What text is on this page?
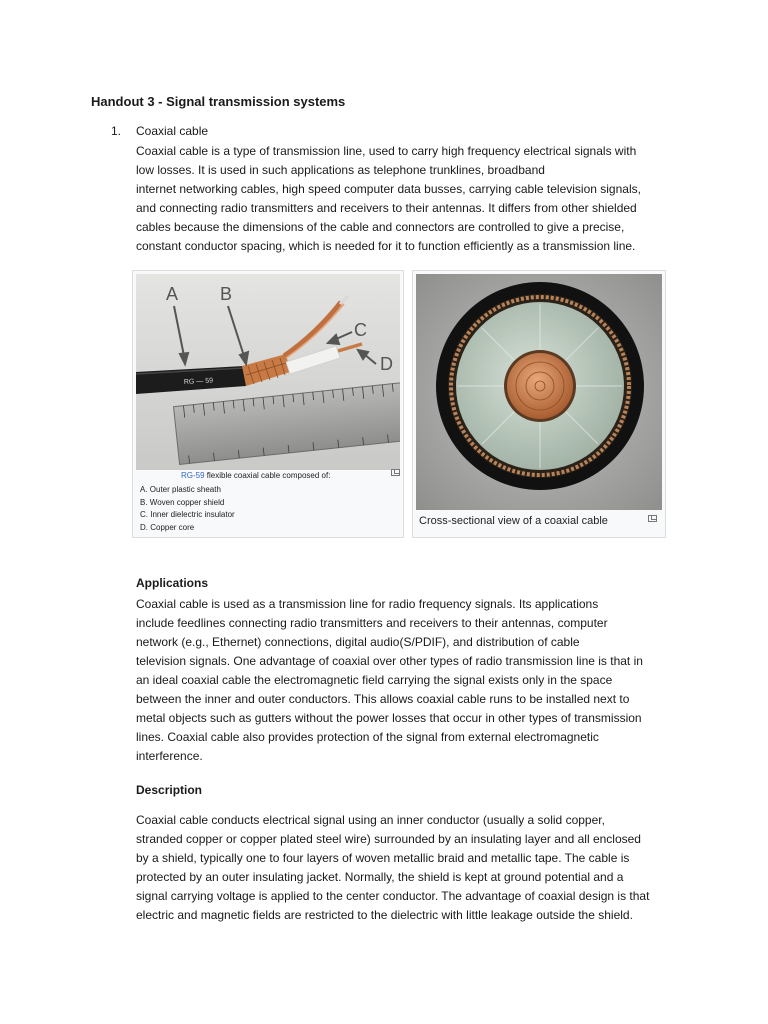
Handout 3 - Signal transmission systems
1. Coaxial cable
Coaxial cable is a type of transmission line, used to carry high frequency electrical signals with
low losses. It is used in such applications as telephone trunklines, broadband
internet networking cables, high speed computer data busses, carrying cable television signals,
and connecting radio transmitters and receivers to their antennas. It differs from other shielded
cables because the dimensions of the cable and connectors are controlled to give a precise,
constant conductor spacing, which is needed for it to function efficiently as a transmission line.
RG — 59
A B
C
D
RG-59 flexible coaxial cable composed of:
A. Outer plastic sheath
B. Woven copper shield
C. Inner dielectric insulator
D. Copper core	Cross-sectional view of a coaxial cable
Applications
Coaxial cable is used as a transmission line for radio frequency signals. Its applications
include feedlines connecting radio transmitters and receivers to their antennas, computer
network (e.g., Ethernet) connections, digital audio(S/PDIF), and distribution of cable
television signals. One advantage of coaxial over other types of radio transmission line is that in
an ideal coaxial cable the electromagnetic field carrying the signal exists only in the space
between the inner and outer conductors. This allows coaxial cable runs to be installed next to
metal objects such as gutters without the power losses that occur in other types of transmission
lines. Coaxial cable also provides protection of the signal from external electromagnetic
interference.
Description
Coaxial cable conducts electrical signal using an inner conductor (usually a solid copper,
stranded copper or copper plated steel wire) surrounded by an insulating layer and all enclosed
by a shield, typically one to four layers of woven metallic braid and metallic tape. The cable is
protected by an outer insulating jacket. Normally, the shield is kept at ground potential and a
signal carrying voltage is applied to the center conductor. The advantage of coaxial design is that
electric and magnetic fields are restricted to the dielectric with little leakage outside the shield.
